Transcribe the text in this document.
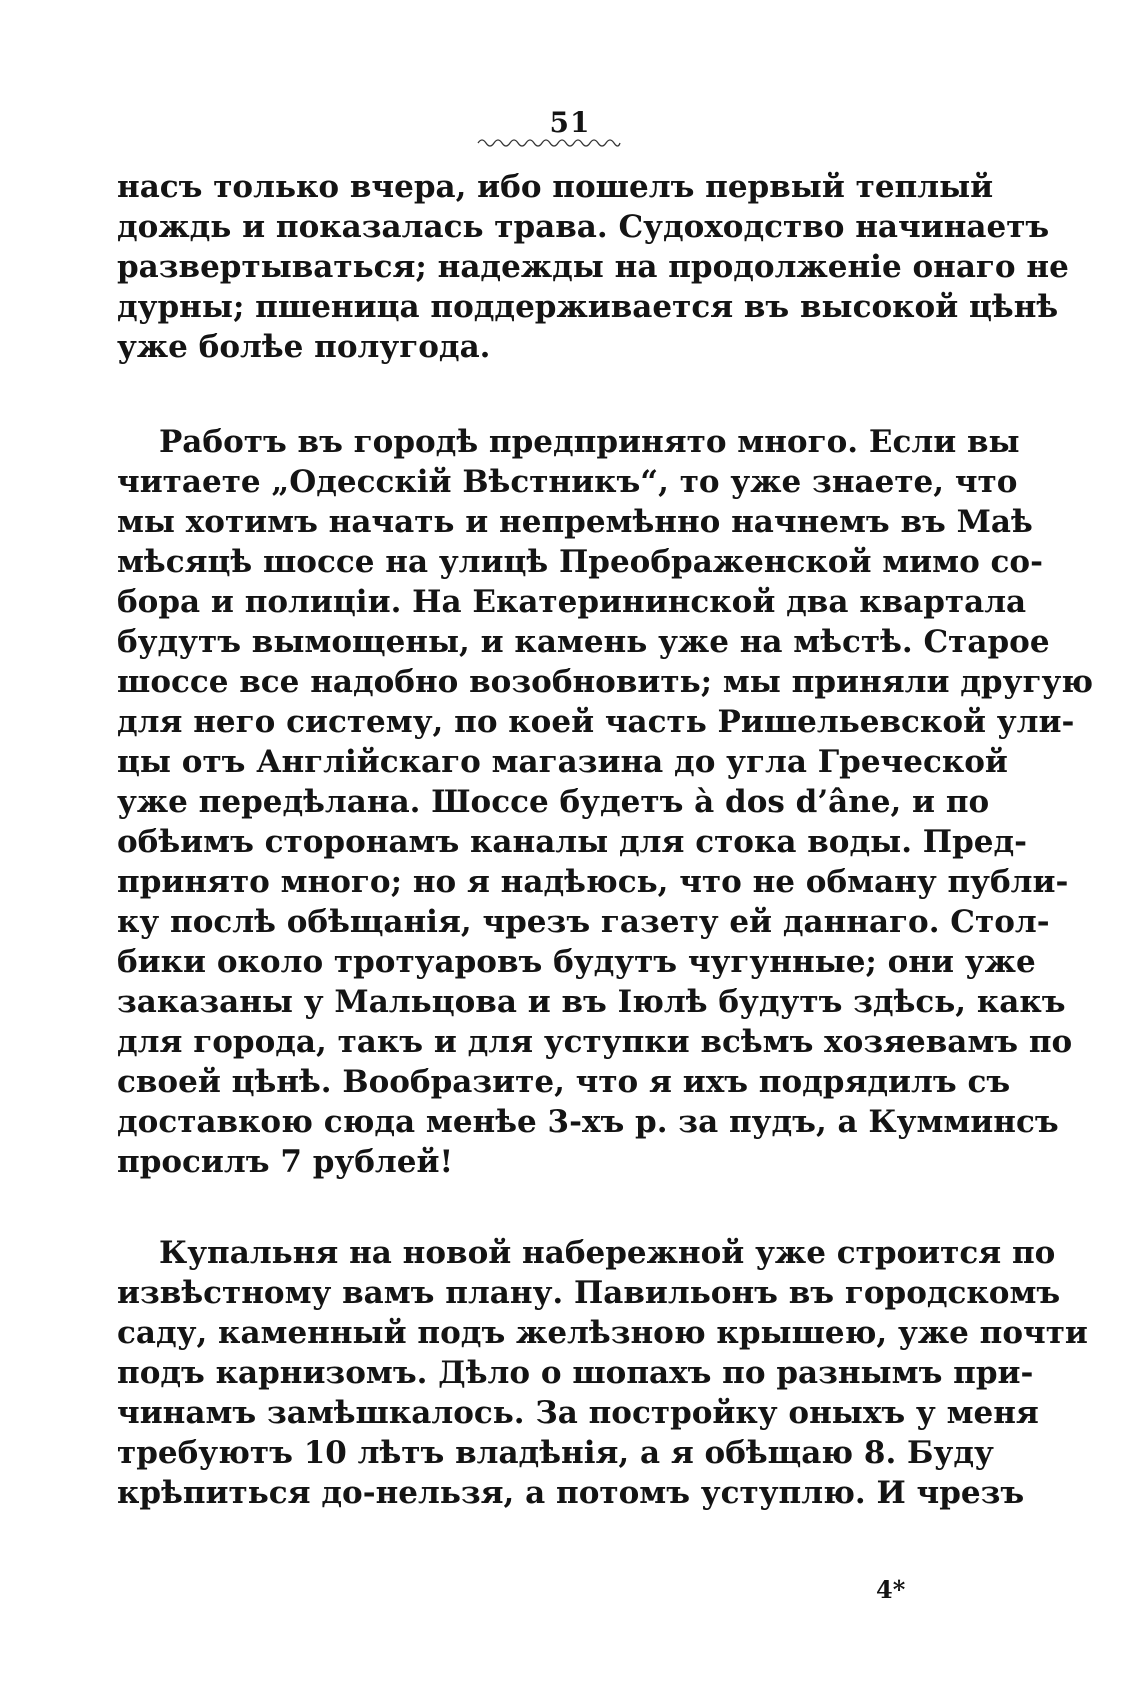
51
насъ только вчера, ибо пошелъ первый теплый
дождь и показалась трава. Судоходство начинаетъ
развертываться; надежды на продолженіе онаго не
дурны; пшеница поддерживается въ высокой цѣнѣ
уже болѣе полугода.
Работъ въ городѣ предпринято много. Если вы
читаете „Одесскій Вѣстникъ“, то уже знаете, что
мы хотимъ начать и непремѣнно начнемъ въ Маѣ
мѣсяцѣ шоссе на улицѣ Преображенской мимо со-
бора и полиціи. На Екатерининской два квартала
будутъ вымощены, и камень уже на мѣстѣ. Старое
шоссе все надобно возобновить; мы приняли другую
для него систему, по коей часть Ришельевской ули-
цы отъ Англійскаго магазина до угла Греческой
уже передѣлана. Шоссе будетъ à dos d’âne, и по
обѣимъ сторонамъ каналы для стока воды. Пред-
принято много; но я надѣюсь, что не обману публи-
ку послѣ обѣщанія, чрезъ газету ей даннаго. Стол-
бики около тротуаровъ будутъ чугунные; они уже
заказаны у Мальцова и въ Іюлѣ будутъ здѣсь, какъ
для города, такъ и для уступки всѣмъ хозяевамъ по
своей цѣнѣ. Вообразите, что я ихъ подрядилъ съ
доставкою сюда менѣе 3-хъ р. за пудъ, а Кумминсъ
просилъ 7 рублей!
Купальня на новой набережной уже строится по
извѣстному вамъ плану. Павильонъ въ городскомъ
саду, каменный подъ желѣзною крышею, уже почти
подъ карнизомъ. Дѣло о шопахъ по разнымъ при-
чинамъ замѣшкалось. За постройку оныхъ у меня
требуютъ 10 лѣтъ владѣнія, а я обѣщаю 8. Буду
крѣпиться до-нельзя, а потомъ уступлю. И чрезъ
4*
